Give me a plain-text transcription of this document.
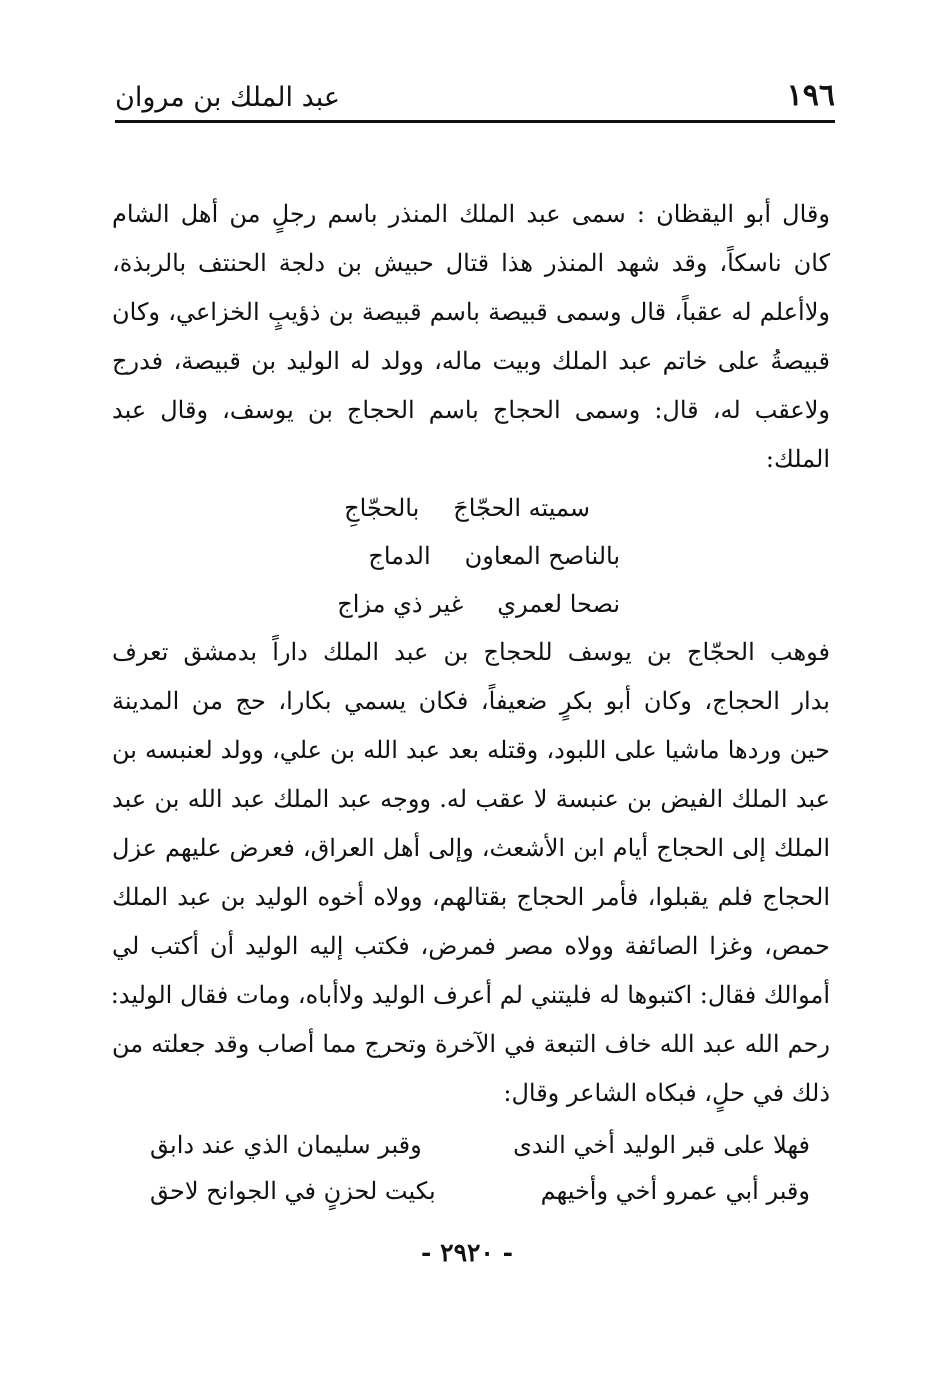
١٩٦
عبد الملك بن مروان
وقال أبو اليقظان : سمى عبد الملك المنذر باسم رجلٍ من أهل الشام
كان ناسكاً، وقد شهد المنذر هذا قتال حبيش بن دلجة الحنتف بالربذة،
ولاأعلم له عقباً، قال وسمى قبيصة باسم قبيصة بن ذؤيبٍ الخزاعي، وكان
قبيصةُ على خاتم عبد الملك وبيت ماله، وولد له الوليد بن قبيصة، فدرج
ولاعقب له، قال: وسمى الحجاج باسم الحجاج بن يوسف، وقال عبد
الملك:
سميته الحجّاجَبالحجّاجِ
بالناصح المعاونالدماج
نصحا لعمريغير ذي مزاج
فوهب الحجّاج بن يوسف للحجاج بن عبد الملك داراً بدمشق تعرف
بدار الحجاج، وكان أبو بكرٍ ضعيفاً، فكان يسمي بكارا، حج من المدينة
حين وردها ماشيا على اللبود، وقتله بعد عبد الله بن علي، وولد لعنبسه بن
عبد الملك الفيض بن عنبسة لا عقب له. ووجه عبد الملك عبد الله بن عبد
الملك إلى الحجاج أيام ابن الأشعث، وإلى أهل العراق، فعرض عليهم عزل
الحجاج فلم يقبلوا، فأمر الحجاج بقتالهم، وولاه أخوه الوليد بن عبد الملك
حمص، وغزا الصائفة وولاه مصر فمرض، فكتب إليه الوليد أن أكتب لي
أموالك فقال: اكتبوها له فليتني لم أعرف الوليد ولاأباه، ومات فقال الوليد:
رحم الله عبد الله خاف التبعة في الآخرة وتحرج مما أصاب وقد جعلته من
ذلك في حلٍ، فبكاه الشاعر وقال:
فهلا على قبر الوليد أخي الندى
وقبر سليمان الذي عند دابق
وقبر أبي عمرو أخي وأخيهم
بكيت لحزنٍ في الجوانح لاحق
- ٢٩٢٠ -
